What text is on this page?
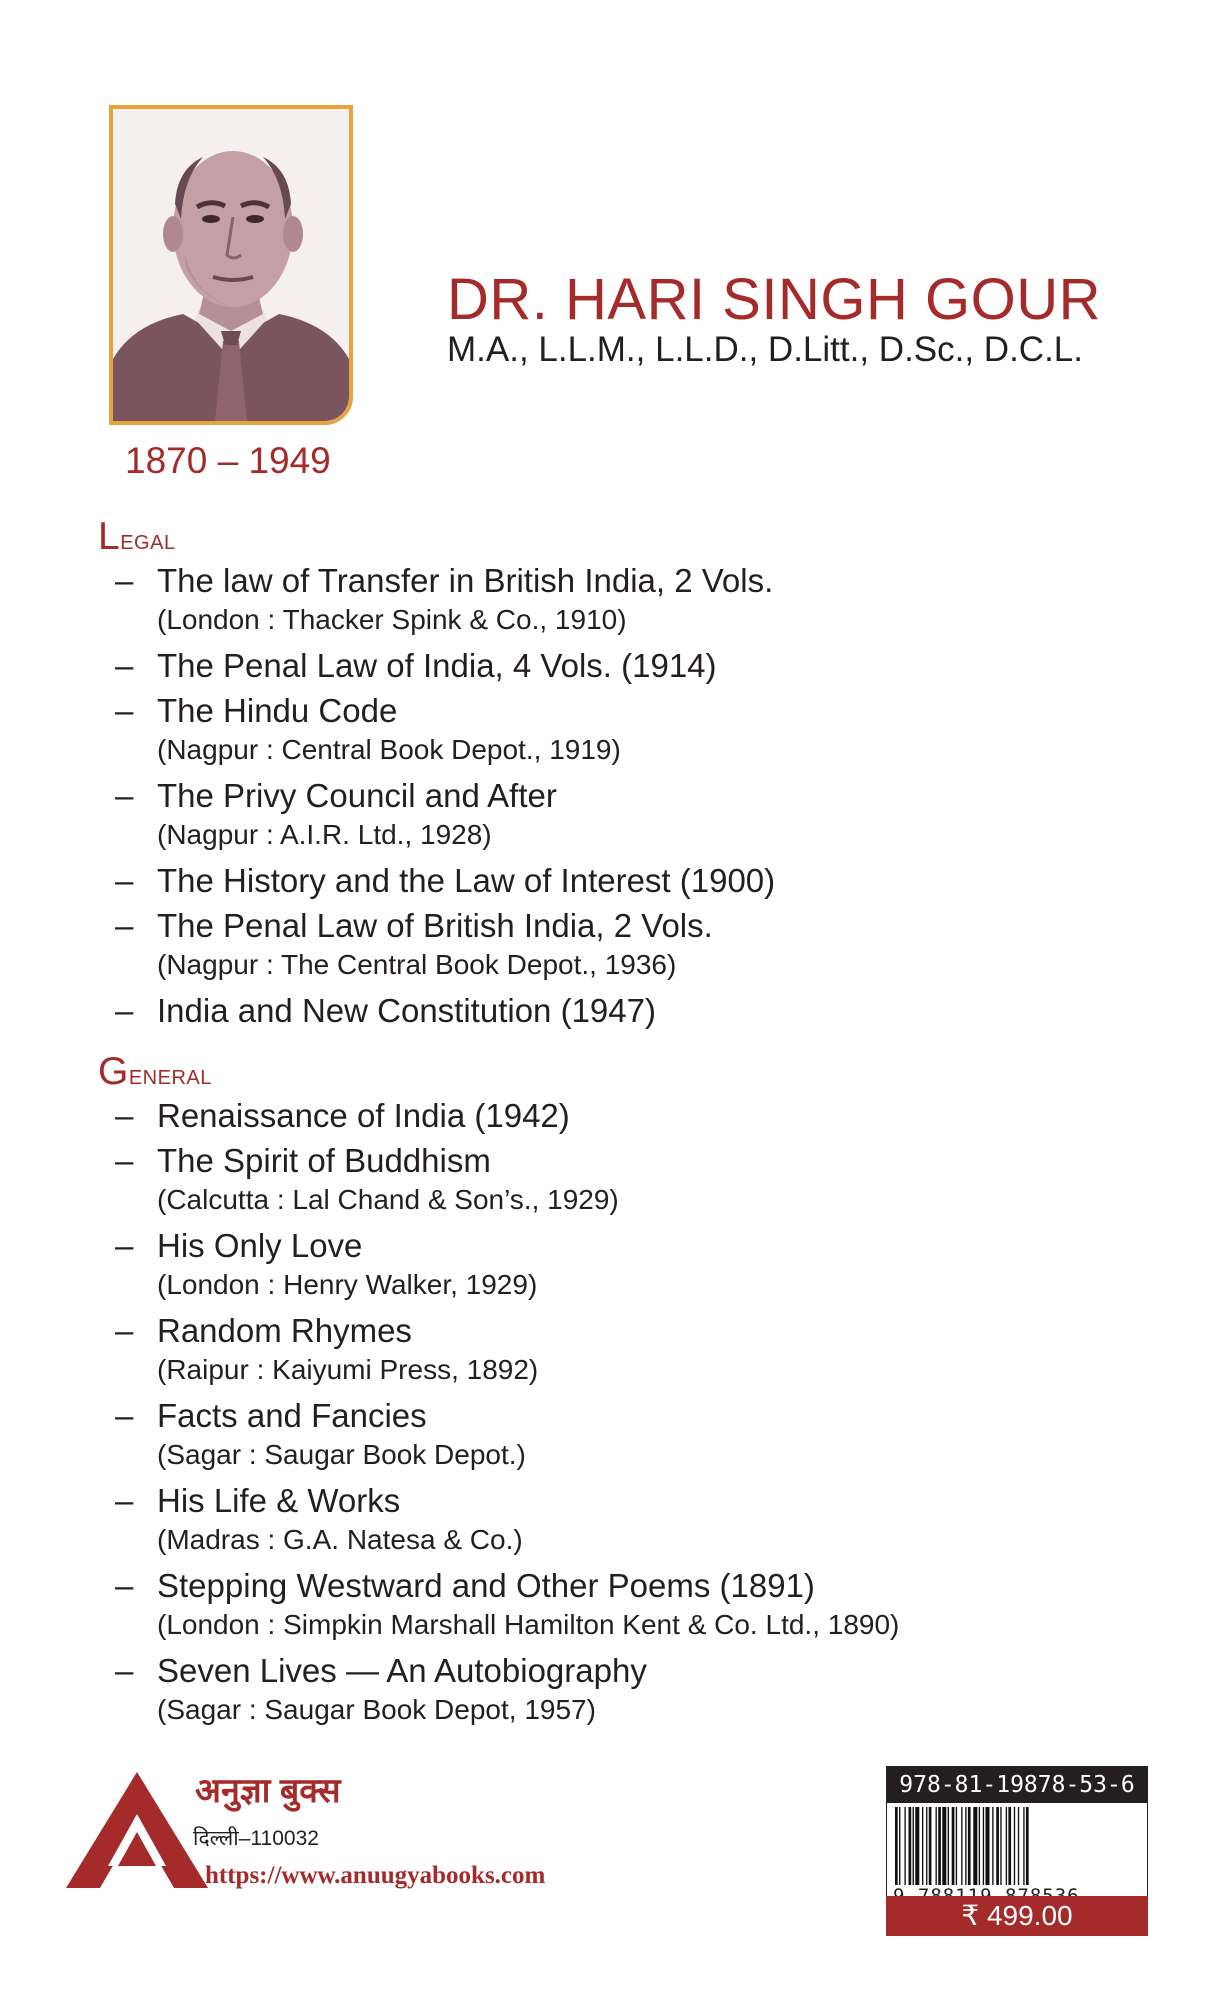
1870 – 1949
DR. HARI SINGH GOUR
M.A., L.L.M., L.L.D., D.Litt., D.Sc., D.C.L.
Legal
– The law of Transfer in British India, 2 Vols.
(London : Thacker Spink & Co., 1910)
– The Penal Law of India, 4 Vols. (1914)
– The Hindu Code
(Nagpur : Central Book Depot., 1919)
– The Privy Council and After
(Nagpur : A.I.R. Ltd., 1928)
– The History and the Law of Interest (1900)
– The Penal Law of British India, 2 Vols.
(Nagpur : The Central Book Depot., 1936)
– India and New Constitution (1947)
General
– Renaissance of India (1942)
– The Spirit of Buddhism
(Calcutta : Lal Chand & Son’s., 1929)
– His Only Love
(London : Henry Walker, 1929)
– Random Rhymes
(Raipur : Kaiyumi Press, 1892)
– Facts and Fancies
(Sagar : Saugar Book Depot.)
– His Life & Works
(Madras : G.A. Natesa & Co.)
– Stepping Westward and Other Poems (1891)
(London : Simpkin Marshall Hamilton Kent & Co. Ltd., 1890)
– Seven Lives — An Autobiography
(Sagar : Saugar Book Depot, 1957)
अनुज्ञा बुक्स
दिल्ली–110032
https://www.anuugyabooks.com
978-81-19878-53-6
₹ 499.00
